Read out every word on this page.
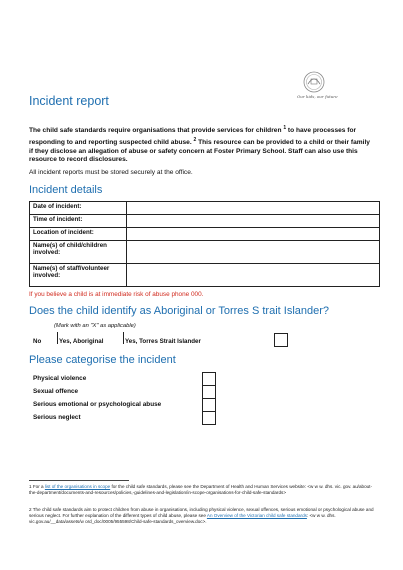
Our kids, our future
Incident report
The child safe standards require organisations that provide services for children $^1$ to have processes for responding to and reporting suspected child abuse. $^2$ This resource can be provided to a child or their family if they disclose an allegation of abuse or safety concern at Foster Primary School. Staff can also use this resource to record disclosures.
All incident reports must be stored securely at the office.
Incident details
Date of incident:	
Time of incident:	
Location of incident:	
Name(s) of child/children involved:	
Name(s) of staff/volunteer involved:	
If you believe a child is at immediate risk of abuse phone 000.
Does the child identify as Aboriginal or Torres S trait Islander?
(Mark with an "X" as applicable)
No	Yes, Aboriginal	Yes, Torres Strait Islander
Please categorise the incident
Physical violence
Sexual offence
Serious emotional or psychological abuse
Serious neglect
1 For a list of the organisations in scope for the child safe standards, please see the Department of Health and Human Services website: <w w w. dhs. vic. gov. au/about-the-department/documents-and-resources/policies,-guidelines-and-legislation/in-scope-organisations-for-child-safe-standards>
2 The child safe standards aim to protect children from abuse in organisations, including physical violence, sexual offences, serious emotional or psychological abuse and serious neglect. For further explanation of the different types of child abuse, please see An Overview of the Victorian child safe standards: <w w w. dhs. vic.gov.au/__data/assets/w ord_doc/0005/955598/Child-safe-standards_overview.doc>.
